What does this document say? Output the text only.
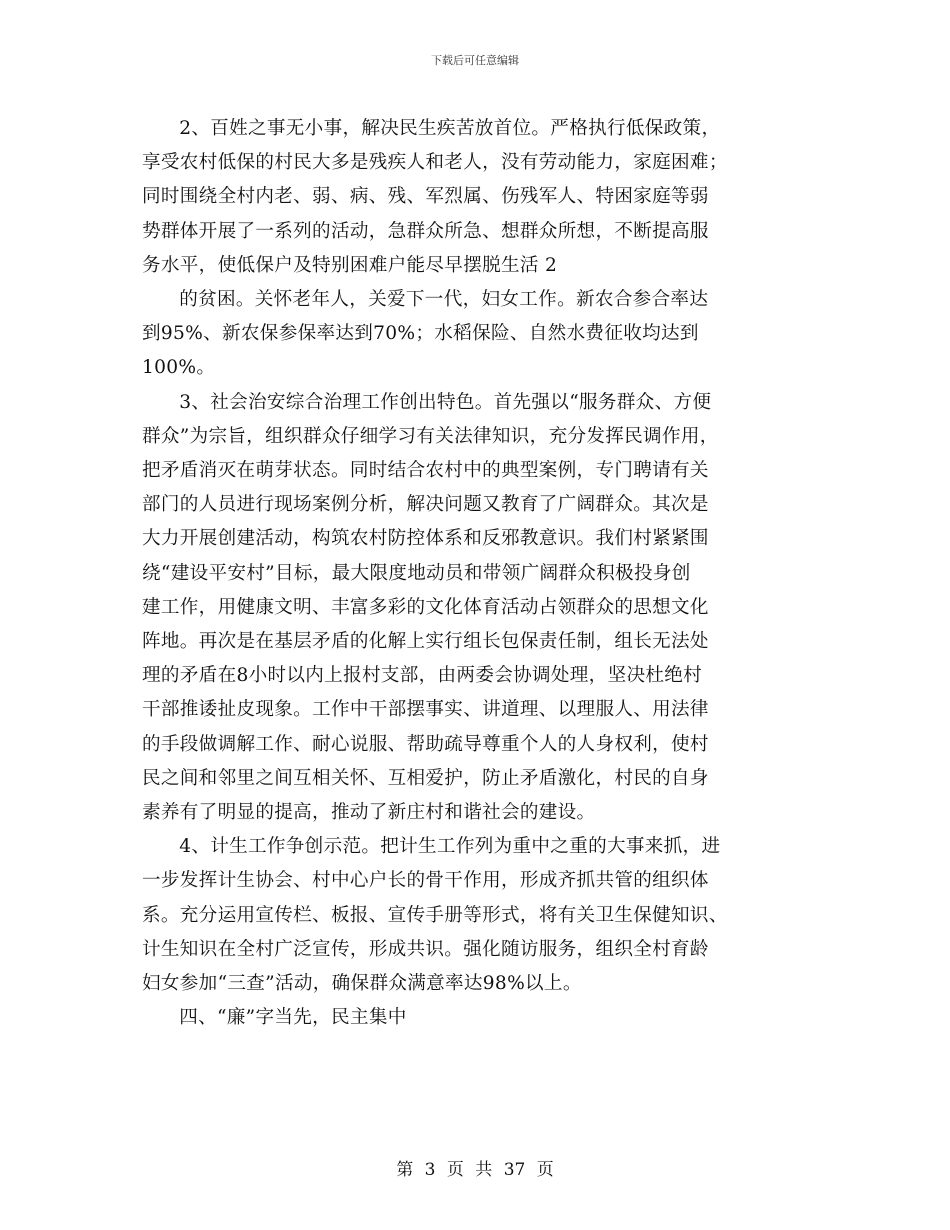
下载后可任意编辑

2、百姓之事无小事，解决民生疾苦放首位。严格执行低保政策，
享受农村低保的村民大多是残疾人和老人，没有劳动能力，家庭困难；
同时围绕全村内老、弱、病、残、军烈属、伤残军人、特困家庭等弱
势群体开展了一系列的活动，急群众所急、想群众所想，不断提高服
务水平，使低保户及特别困难户能尽早摆脱生活 2

的贫困。关怀老年人，关爱下一代，妇女工作。新农合参合率达
到95%、新农保参保率达到70%；水稻保险、自然水费征收均达到
100%。

3、社会治安综合治理工作创出特色。首先强以“服务群众、方便
群众”为宗旨，组织群众仔细学习有关法律知识，充分发挥民调作用，
把矛盾消灭在萌芽状态。同时结合农村中的典型案例，专门聘请有关
部门的人员进行现场案例分析，解决问题又教育了广阔群众。其次是
大力开展创建活动，构筑农村防控体系和反邪教意识。我们村紧紧围
绕“建设平安村”目标，最大限度地动员和带领广阔群众积极投身创
建工作，用健康文明、丰富多彩的文化体育活动占领群众的思想文化
阵地。再次是在基层矛盾的化解上实行组长包保责任制，组长无法处
理的矛盾在8小时以内上报村支部，由两委会协调处理，坚决杜绝村
干部推诿扯皮现象。工作中干部摆事实、讲道理、以理服人、用法律
的手段做调解工作、耐心说服、帮助疏导尊重个人的人身权利，使村
民之间和邻里之间互相关怀、互相爱护，防止矛盾激化，村民的自身
素养有了明显的提高，推动了新庄村和谐社会的建设。

4、计生工作争创示范。把计生工作列为重中之重的大事来抓，进
一步发挥计生协会、村中心户长的骨干作用，形成齐抓共管的组织体
系。充分运用宣传栏、板报、宣传手册等形式，将有关卫生保健知识、
计生知识在全村广泛宣传，形成共识。强化随访服务，组织全村育龄
妇女参加“三查”活动，确保群众满意率达98%以上。

四、“廉”字当先，民主集中

第 3 页 共 37 页
